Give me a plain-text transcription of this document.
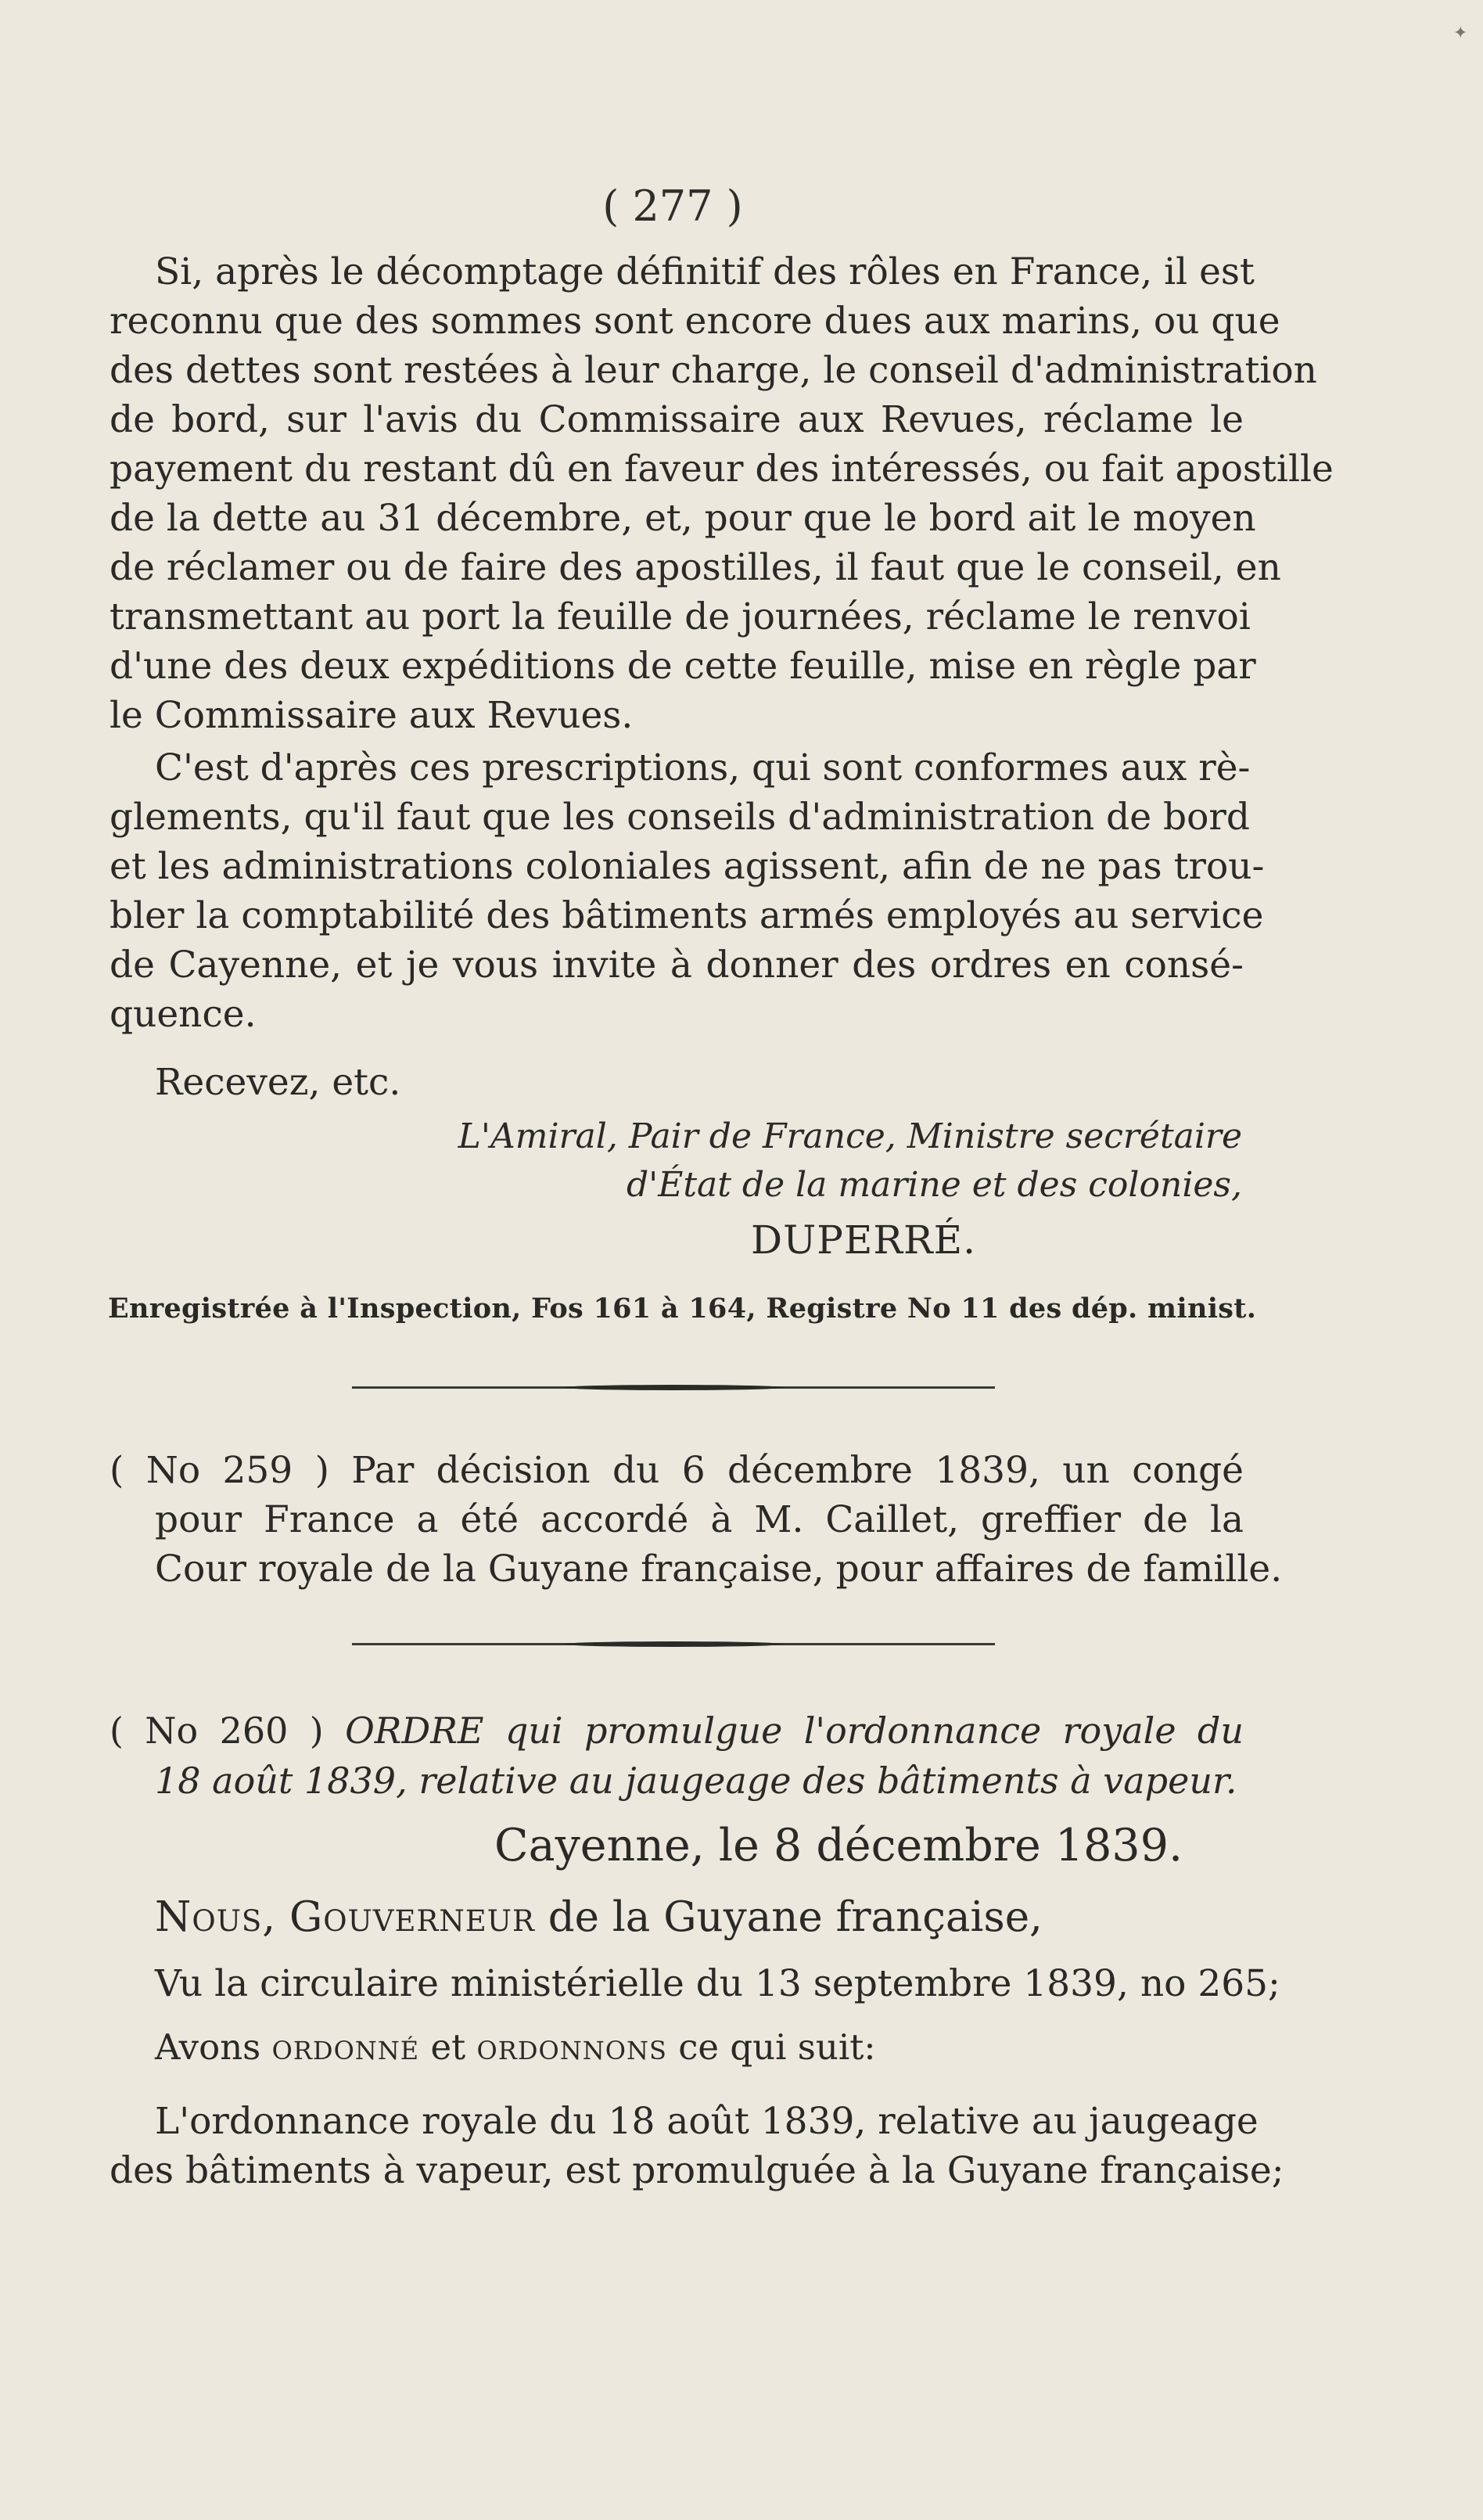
✦
( 277 )
Si, après le décomptage définitif des rôles en France, il est
reconnu que des sommes sont encore dues aux marins, ou que
des dettes sont restées à leur charge, le conseil d'administration
de bord, sur l'avis du Commissaire aux Revues, réclame le
payement du restant dû en faveur des intéressés, ou fait apostille
de la dette au 31 décembre, et, pour que le bord ait le moyen
de réclamer ou de faire des apostilles, il faut que le conseil, en
transmettant au port la feuille de journées, réclame le renvoi
d'une des deux expéditions de cette feuille, mise en règle par
le Commissaire aux Revues.
C'est d'après ces prescriptions, qui sont conformes aux rè-
glements, qu'il faut que les conseils d'administration de bord
et les administrations coloniales agissent, afin de ne pas trou-
bler la comptabilité des bâtiments armés employés au service
de Cayenne, et je vous invite à donner des ordres en consé-
quence.
Recevez, etc.
L'Amiral, Pair de France, Ministre secrétaire
d'État de la marine et des colonies,
DUPERRÉ.
Enregistrée à l'Inspection, Fos 161 à 164, Registre No 11 des dép. minist.
( No 259 ) Par décision du 6 décembre 1839, un congé
pour France a été accordé à M. Caillet, greffier de la
Cour royale de la Guyane française, pour affaires de famille.
( No 260 ) ORDRE qui promulgue l'ordonnance royale du
18 août 1839, relative au jaugeage des bâtiments à vapeur.
Cayenne, le 8 décembre 1839.
Nous, Gouverneur de la Guyane française,
Vu la circulaire ministérielle du 13 septembre 1839, no 265;
Avons ordonné et ordonnons ce qui suit:
L'ordonnance royale du 18 août 1839, relative au jaugeage
des bâtiments à vapeur, est promulguée à la Guyane française;
